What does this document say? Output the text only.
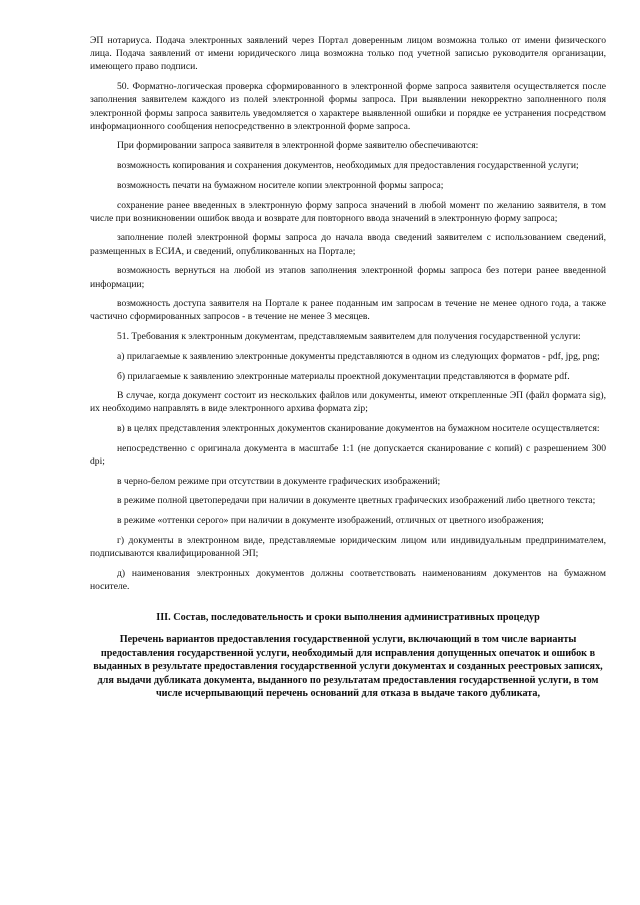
ЭП нотариуса. Подача электронных заявлений через Портал доверенным лицом возможна только от имени физического лица. Подача заявлений от имени юридического лица возможна только под учетной записью руководителя организации, имеющего право подписи.

50. Форматно-логическая проверка сформированного в электронной форме запроса заявителя осуществляется после заполнения заявителем каждого из полей электронной формы запроса. При выявлении некорректно заполненного поля электронной формы запроса заявитель уведомляется о характере выявленной ошибки и порядке ее устранения посредством информационного сообщения непосредственно в электронной форме запроса.

При формировании запроса заявителя в электронной форме заявителю обеспечиваются:

возможность копирования и сохранения документов, необходимых для предоставления государственной услуги;

возможность печати на бумажном носителе копии электронной формы запроса;

сохранение ранее введенных в электронную форму запроса значений в любой момент по желанию заявителя, в том числе при возникновении ошибок ввода и возврате для повторного ввода значений в электронную форму запроса;

заполнение полей электронной формы запроса до начала ввода сведений заявителем с использованием сведений, размещенных в ЕСИА, и сведений, опубликованных на Портале;

возможность вернуться на любой из этапов заполнения электронной формы запроса без потери ранее введенной информации;

возможность доступа заявителя на Портале к ранее поданным им запросам в течение не менее одного года, а также частично сформированных запросов - в течение не менее 3 месяцев.

51. Требования к электронным документам, представляемым заявителем для получения государственной услуги:

а) прилагаемые к заявлению электронные документы представляются в одном из следующих форматов - pdf, jpg, png;

б) прилагаемые к заявлению электронные материалы проектной документации представляются в формате pdf.

В случае, когда документ состоит из нескольких файлов или документы, имеют открепленные ЭП (файл формата sig), их необходимо направлять в виде электронного архива формата zip;

в) в целях представления электронных документов сканирование документов на бумажном носителе осуществляется:

непосредственно с оригинала документа в масштабе 1:1 (не допускается сканирование с копий) с разрешением 300 dpi;

в черно-белом режиме при отсутствии в документе графических изображений;

в режиме полной цветопередачи при наличии в документе цветных графических изображений либо цветного текста;

в режиме «оттенки серого» при наличии в документе изображений, отличных от цветного изображения;

г) документы в электронном виде, представляемые юридическим лицом или индивидуальным предпринимателем, подписываются квалифицированной ЭП;

д) наименования электронных документов должны соответствовать наименованиям документов на бумажном носителе.

III. Состав, последовательность и сроки выполнения административных процедур
Перечень вариантов предоставления государственной услуги, включающий в том числе варианты предоставления государственной услуги, необходимый для исправления допущенных опечаток и ошибок в выданных в результате предоставления государственной услуги документах и созданных реестровых записях, для выдачи дубликата документа, выданного по результатам предоставления государственной услуги, в том числе исчерпывающий перечень оснований для отказа в выдаче такого дубликата,
